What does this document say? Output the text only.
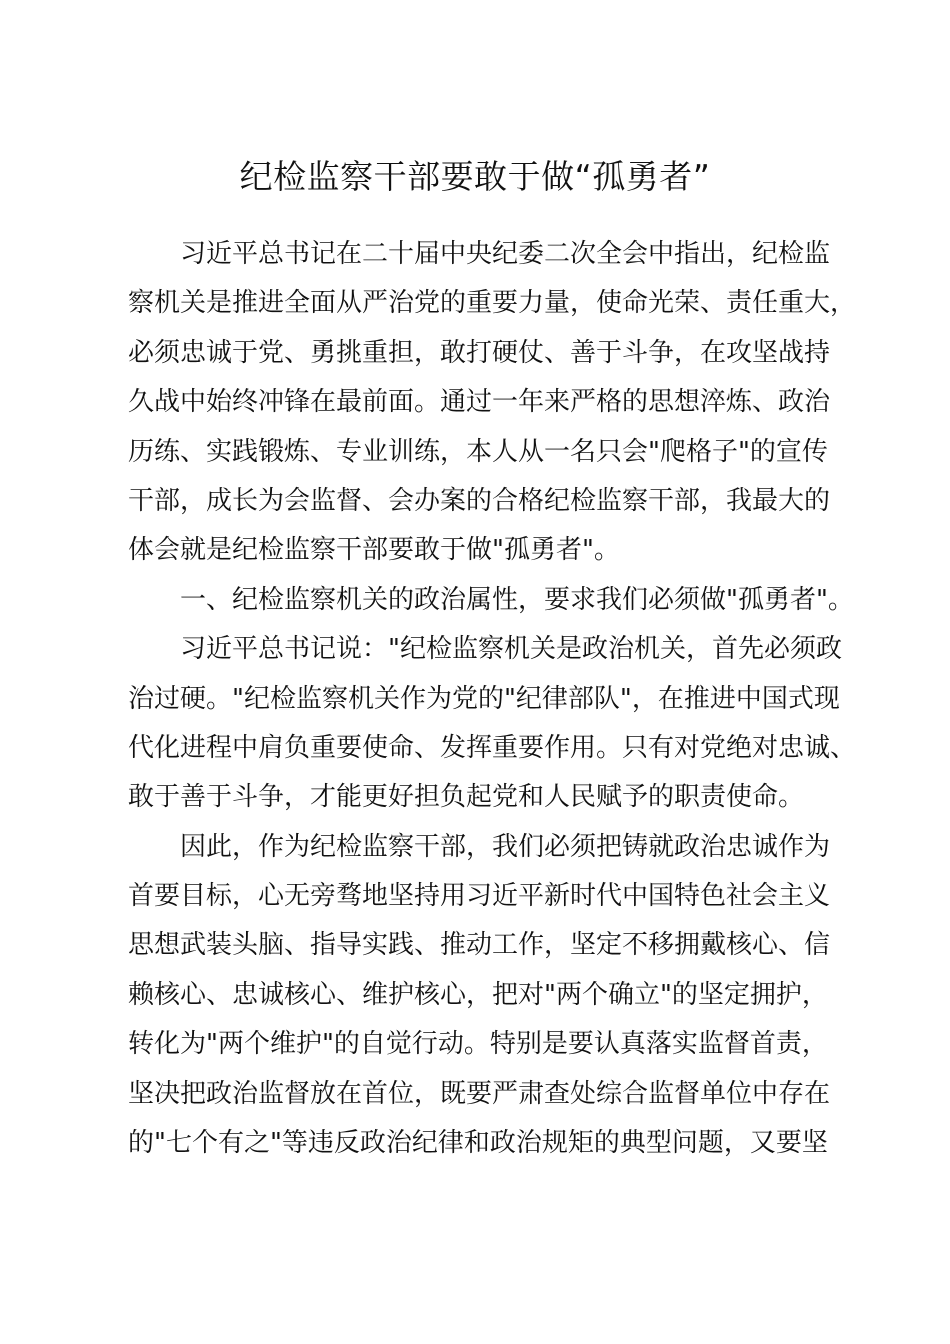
纪检监察干部要敢于做“孤勇者”
习近平总书记在二十届中央纪委二次全会中指出，纪检监
察机关是推进全面从严治党的重要力量，使命光荣、责任重大，
必须忠诚于党、勇挑重担，敢打硬仗、善于斗争，在攻坚战持
久战中始终冲锋在最前面。通过一年来严格的思想淬炼、政治
历练、实践锻炼、专业训练，本人从一名只会"爬格子"的宣传
干部，成长为会监督、会办案的合格纪检监察干部，我最大的
体会就是纪检监察干部要敢于做"孤勇者"。
一、纪检监察机关的政治属性，要求我们必须做"孤勇者"。
习近平总书记说："纪检监察机关是政治机关，首先必须政
治过硬。"纪检监察机关作为党的"纪律部队"，在推进中国式现
代化进程中肩负重要使命、发挥重要作用。只有对党绝对忠诚、
敢于善于斗争，才能更好担负起党和人民赋予的职责使命。
因此，作为纪检监察干部，我们必须把铸就政治忠诚作为
首要目标，心无旁骛地坚持用习近平新时代中国特色社会主义
思想武装头脑、指导实践、推动工作，坚定不移拥戴核心、信
赖核心、忠诚核心、维护核心，把对"两个确立"的坚定拥护，
转化为"两个维护"的自觉行动。特别是要认真落实监督首责，
坚决把政治监督放在首位，既要严肃查处综合监督单位中存在
的"七个有之"等违反政治纪律和政治规矩的典型问题，又要坚
